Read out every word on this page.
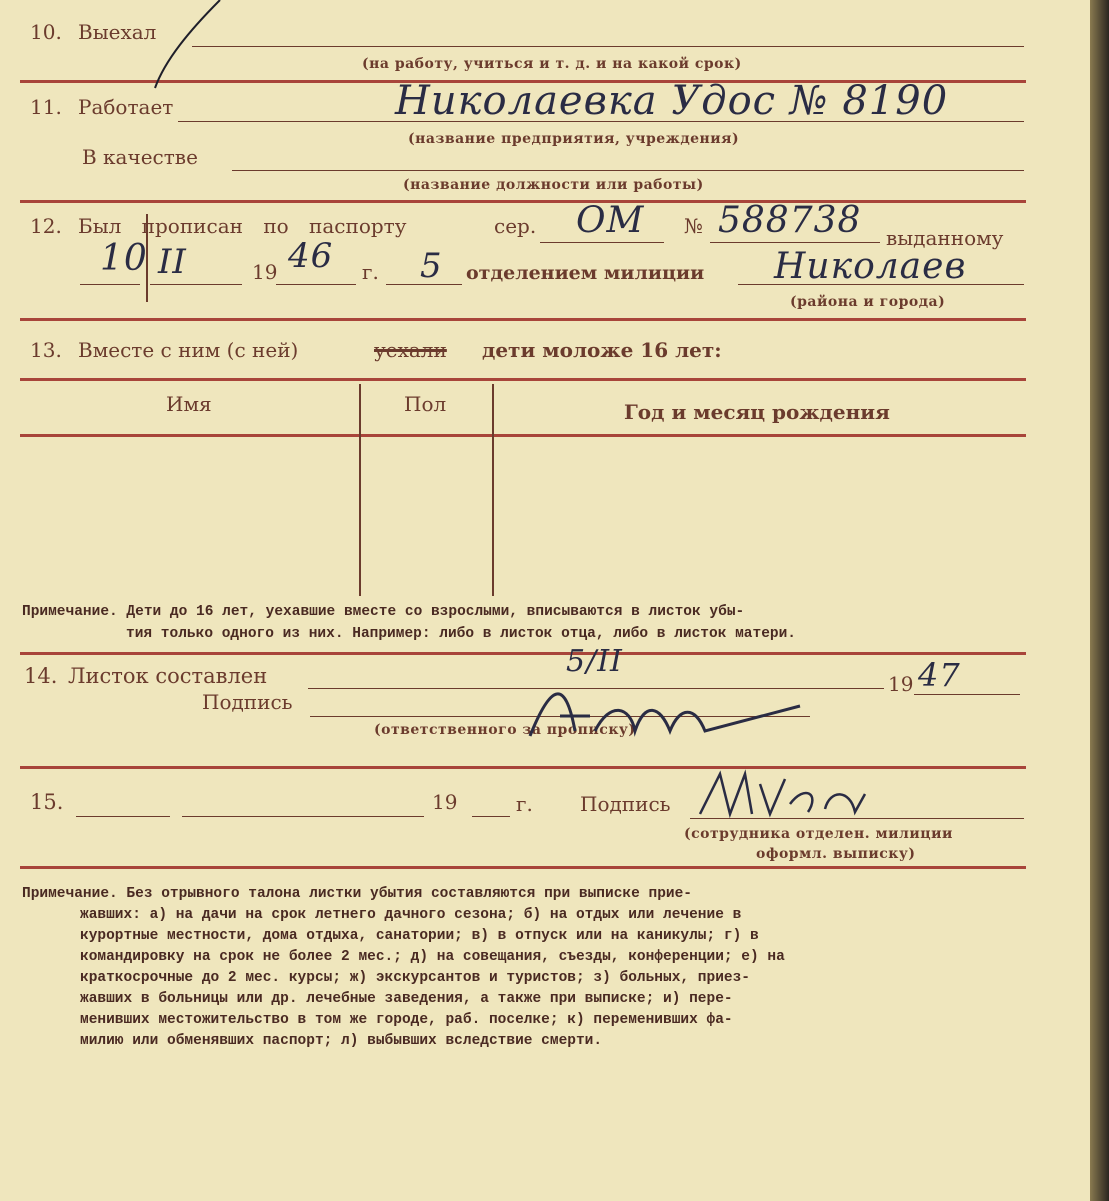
10. Выехал
(на работу, учиться и т. д. и на какой срок)
11. Работает	Николаевка Удос № 8190
(название предприятия, учреждения)
В качестве
(название должности или работы)
12. Был прописан по паспорту	сер. ОМ № 588738 выданному
10 II	19 46 г. 5 отделением милиции Николаев
(района и города)
13. Вместе с ним (с ней)	уехали дети моложе 16 лет:
Имя	Пол	Год и месяц рождения
Примечание. Дети до 16 лет, уехавшие вместе со взрослыми, вписываются в листок убы-
тия только одного из них. Например: либо в листок отца, либо в листок матери.
14. Листок составлен	5/II
19 47
Подпись
(ответственного за прописку)
15.	19	г. Подпись
(сотрудника отделен. милиции
оформл. выписку)
Примечание. Без отрывного талона листки убытия составляются при выписке прие-
жавших: а) на дачи на срок летнего дачного сезона; б) на отдых или лечение в
курортные местности, дома отдыха, санатории; в) в отпуск или на каникулы; г) в
командировку на срок не более 2 мес.; д) на совещания, съезды, конференции; е) на
краткосрочные до 2 мес. курсы; ж) экскурсантов и туристов; з) больных, приез-
жавших в больницы или др. лечебные заведения, а также при выписке; и) пере-
менивших местожительство в том же городе, раб. поселке; к) переменивших фа-
милию или обменявших паспорт; л) выбывших вследствие смерти.
